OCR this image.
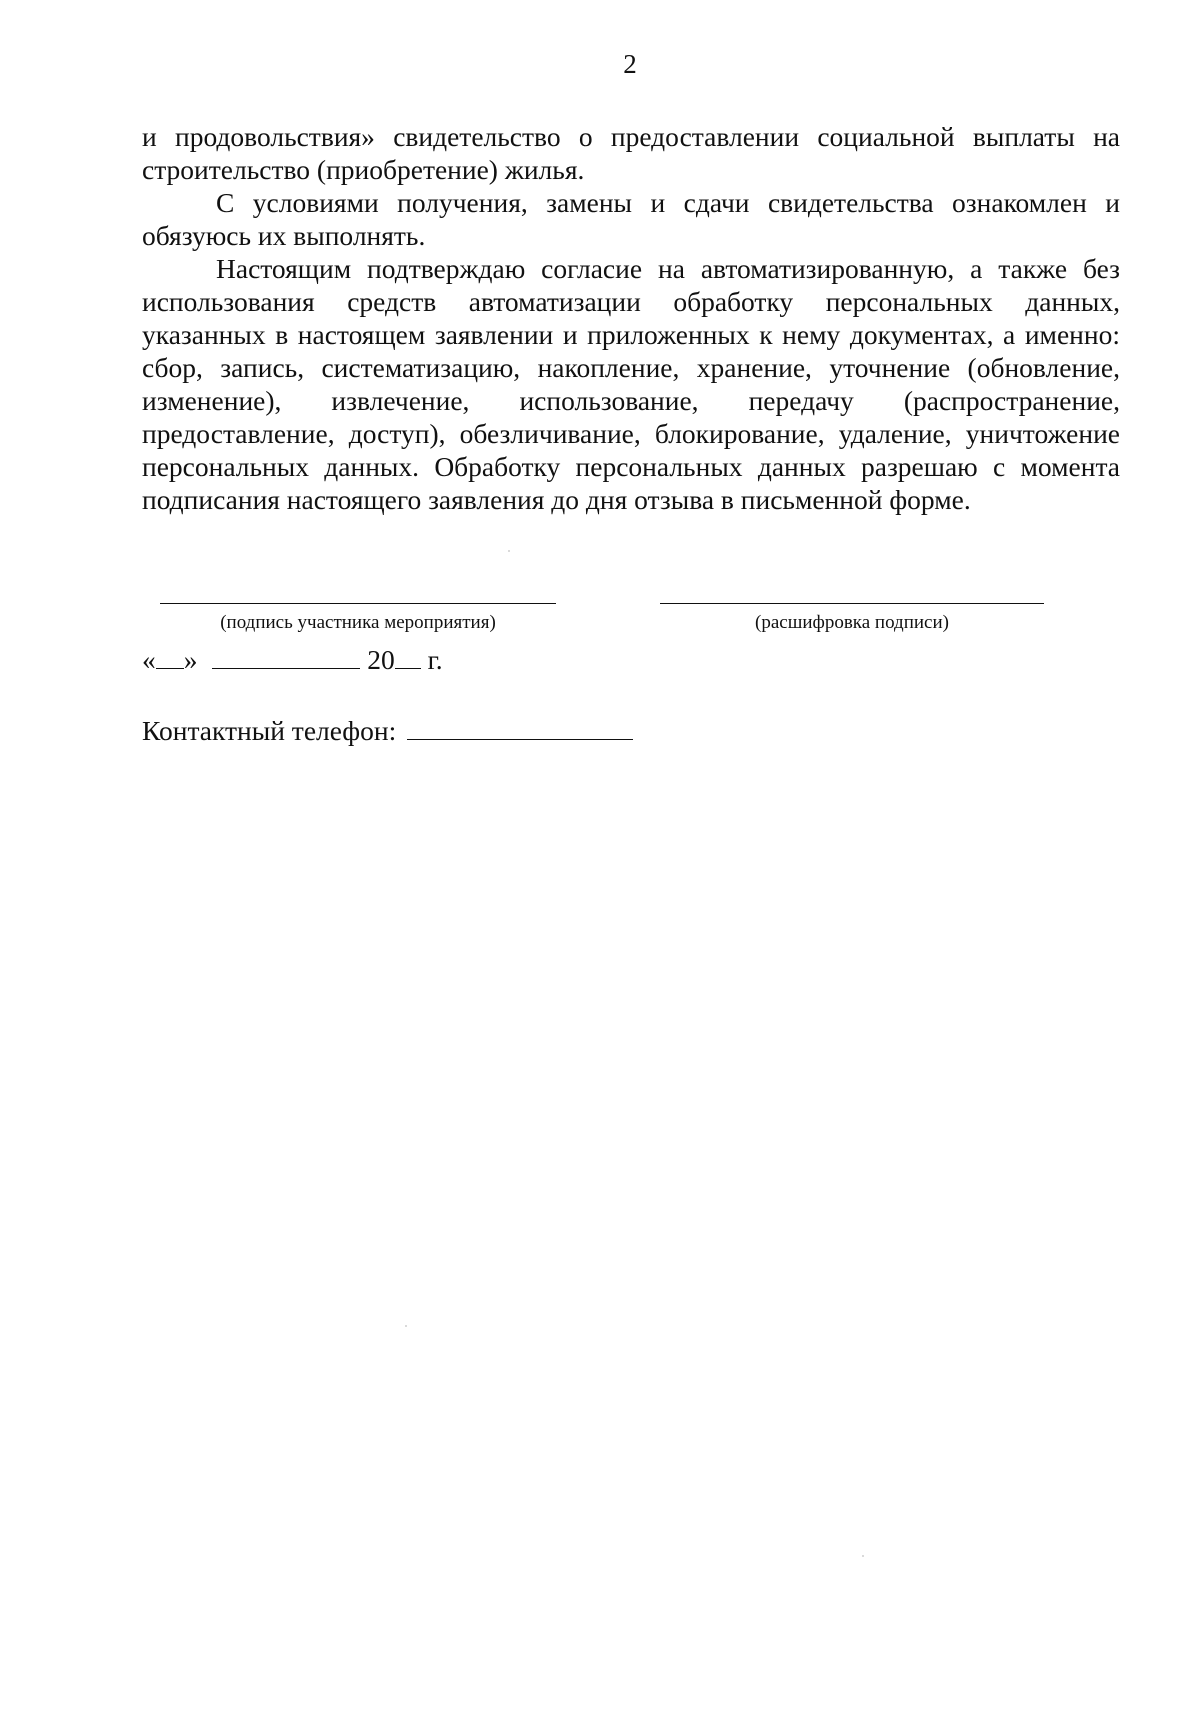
2

и продовольствия» свидетельство о предоставлении социальной выплаты на строительство (приобретение) жилья.

С условиями получения, замены и сдачи свидетельства ознакомлен и обязуюсь их выполнять.

Настоящим подтверждаю согласие на автоматизированную, а также без использования средств автоматизации обработку персональных данных, указанных в настоящем заявлении и приложенных к нему документах, а именно: сбор, запись, систематизацию, накопление, хранение, уточнение (обновление, изменение), извлечение, использование, передачу (распространение, предоставление, доступ), обезличивание, блокирование, удаление, уничтожение персональных данных. Обработку персональных данных разрешаю с момента подписания настоящего заявления до дня отзыва в письменной форме.

(подпись участника мероприятия)	(расшифровка подписи)
« »	20 г.
Контактный телефон:
